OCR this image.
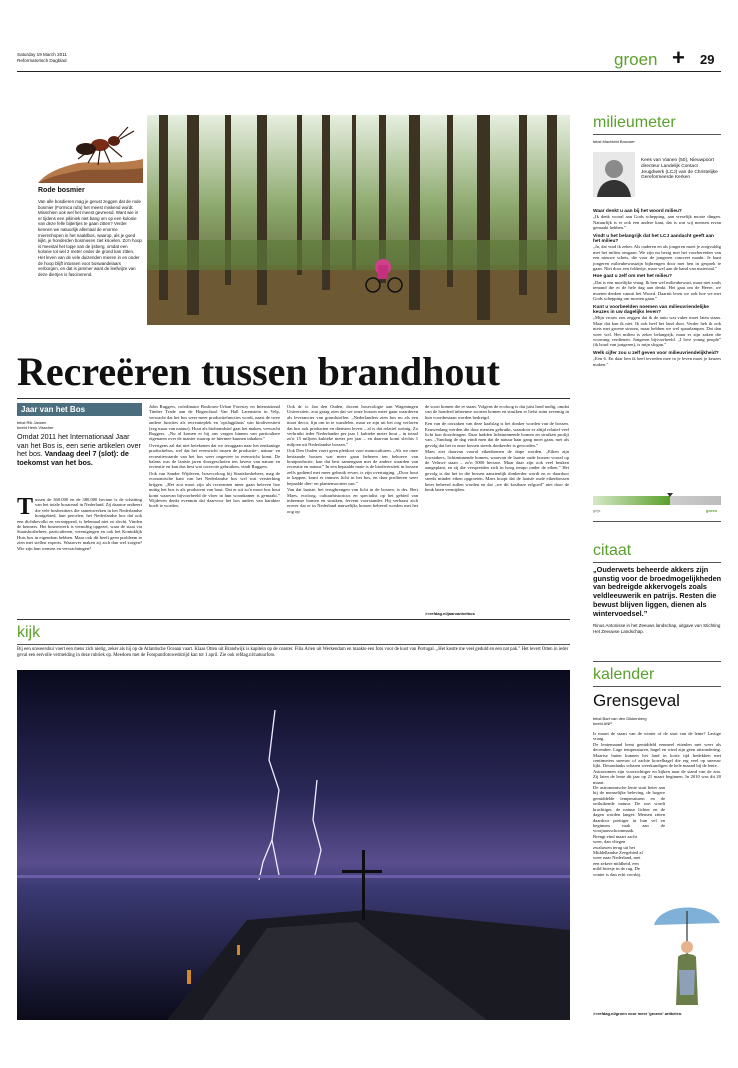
Saturday 19 March 2011
Reformatorisch Dagblad	groen + 29
Rode bosmier
Van alle bosdieren mag je gerust zeggen dat de rode bosmier (Formica rufa) het meest miskend wordt. Misschien ook wel het meest gevreesd. Want wie is er tijdens een pikiniek niet bang om op een kolonie van deze felle bijtertjes te gaan zitten? Verder kennen we natuurlijk allemaal de enorme mierenhopen in het naaldbos, waarop, als je goed kijkt, je honderden bosmieren ziet krioelen. Zo'n hoop is meestal het topje van de ijsberg, omdat een kolonie tot wel 2 meter onder de grond kan zitten. Het leven van de vele duizenden mieren in en onder de hoop blijft intussen voor boswandelaars verborgen, en dat is jammer want de leefwijze van deze diertjes is fascinerend.
Recreëren tussen brandhout
Jaar van het Bos
tekst Rik Jansen
beeld Henk Visscher
Omdat 2011 het Internationaal Jaar van het Bos is, een serie artikelen over het bos. Vandaag deel 7 (slot): de toekomst van het bos.
T ussen de 360.000 en de 380.000 hectare is de schatting van het totale bosareaal in Nederland. Zij daartoe ontbeert die vele bosbezitters die samenwerken in het Nederlandse houtgebied, hun percelen, het Nederlandse bos dat ook een dichtbevolkt en versnipperd, is helemaal niet zo slecht. Vinden de kenners. Het bosnetwerk is vernuftig opgezet, waar de staat via Staatsbosbeheer, particulieren, verenigingen en ook het Koninklijk Huis bos in eigendom hebben. Maar ook dit heeft geen probleem te zien met stellen experts. Waarover maken zij zich dan wel zorgen? Wie zijn hun wensen en verwachtingen?

John Ruggers, coördinator Bosbouw-Urban Forestry en International Timber Trade aan de Hogeschool Van Hall Larenstein in Velp, verwacht dat het bos weer meer productiefuncties wordt, naast de twee andere functies als recreatieplek en 'opslagplaats' van biodiversiteit (zeg maar van natuur). Hout als biobrandstof gaat het maken, verwacht Ruggers. „Nu al komen er bij ons vragen binnen van particuliere eigenaren over de manier waarop ze hiermee kunnen inhaken.”

Overigens zal dat niet betekenen dat we teruggaan naar het eenkantige productiebos, wel dat het evenwicht tussen de productie-, natuur- en recreatiewaarde van het bos weer ongeveer in evenwicht komt. De balans was de laatste jaren doorgeschoten ten faveur van natuur en recreatie en kan dus best wat correctie gebruiken, vindt Ruggers.

Ook van Sander Wijdeven, boseccoloog bij Staatsbosbeheer, mag de economische kant van het Nederlandse bos wel wat versterking krijgen. „Het zou mooi zijn als recreanten meer gaan beleven hoe nuttig het bos is als producent van hout. Dat er uit zo'n mooi bos hout komt waarvan bijvoorbeeld de vloer in hun woonkamer is gemaakt.” Wijdeven denkt evenmin dat daarvoor het bos anders van karakter hoeft te worden.

Ook dr. ir. Jan den Ouden, docent bosecologie aan Wageningen Universiteit, zou graag zien dat we onze bossen meer gaan waarderen als leverancier van grondstoffen. „Nederlanders zien bos nu als een mooi decor, fijn om in te wandelen, maar ze zijn uit het oog verloren dat bos ook producten en diensten levert – al is dat relatief weinig. Zo verbruikt ieder Nederlander per jaar 1 kubieke meter hout – in totaal zo'n 15 miljoen kubieke meter per jaar – en daarvan komt slechts 1 miljoen uit Nederlandse bossen.”

Ook Den Ouden voert geen pleidooi voor monoculturen. „Als we onze bestaande bossen wat meer gaan beheren ten behoeve van houtproductie, kan dat best samengaan met de andere waarden van recreatie en natuur.” In een bepaalde mate is de biodiversiteit in bossen zelfs gediend met meer gebruik ervan, is zijn overtuiging. „Door hout te kappen, komt er immers licht in het bos, en daar profiteren weer bepaalde dier- en plantensoorten van.”

Van dat laatste, het terugbrengen van licht in de bossen, is drs. Bert Maes, ecoloog, cultuurhistoricus en specialist op het gebied van inheemse bomen en struiken, fervent voorstander. Hij verbaast zich erover dat er in Nederland nauwelijks bossen beheerd worden met het oog op

de soort bomen die er staan. Volgens de ecoloog is dat juist hard nodig, omdat van de honderd inheemse soorten bomen en struiken er liefst ruim zeventig in hun voortbestaan worden bedreigd.

Een van de oorzaken van deze kaalslag is het donker worden van de bossen. Eeuwenlang werden die door mensen gebruikt, waardoor er altijd relatief veel licht kon doordringen. Daar hadden lichtminnende bomen en struiken profijt van. „Vandaag de dag vindt men dat de natuur haar gang moet gaan, met als gevolg dat het in onze bossen steeds donkerder is geworden.”

Maes ziet daarvan vooral eikenbomen de dupe worden. „Eiken zijn lowstakers, lichtminnende bomen, waarvan de laatste oude bossen vooral op de Veluwe staan – zo'n 5000 hectare. Maar daar zijn ook veel beuken aangeplant, en zij die verspreiden zich in hoog tempo onder de eiken.” Het gevolg is dat het in die bossen aanzienlijk donkerder wordt en er daardoor steeds minder eiken opgroeien. Maes koopt dat de laatste oude eikenbossen beter beheerd zullen worden en dat „we dit kostbare erfgoed” niet door de beuk laten vermijden.

>>refdag.nl/jaarvanhetbos
milieumeter
tekst Machteld Brouwer
Kees van Vianen (50), Nieuwpoort directeur Landelijk Contact Jeugdwerk (LCJ) van de Christelijke Gereformeerde Kerken
Waar denkt u aan bij het woord milieu?
„Ik denk vooral aan Gods schepping, aan vreselijk mooie dingen. Natuurlijk is er ook een andere kant, dat is wat wij mensen ervan gemaakt hebben.”
Vindt u het belangrijk dat het LCJ aandacht geeft aan het milieu?
„Ja, dat vind ik zeker. Als ouderen en als jongeren moet je zorgvuldig met het milieu omgaan. We zijn nu bezig met het voorbereiden van een nieuwe schets, die voor de jongeren concreet maakt. Je kunt jongeren milieubewustzijn bijbrengen door met hen in gesprek te gaan. Niet door een foldertje, maar wel aan de hand van materiaal.”
Hoe gaat u zelf om met het milieu?
„Dat is een moeilijke vraag. Ik ben wel milieubewust, maar niet zoals iemand die er de hele dag aan denkt. Het gaat om de Heere, we moeten denken vanuit het Woord. Daarnit leren we ook hoe we met Gods schepping om moeten gaan.”
Kunt u voorbeelden noemen van milieuvriendelijke keuzes in uw dagelijks leven?
„Mijn vrouw zou zeggen dat ik de auto wat vaker moet laten staan. Maar dat kan ik niet. Ik ook heel het land door. Verder heb ik ook niets met groene stroom, maar hebben we wel spaarlampen. Dat dan weer wel. Het milieu is zeker belangrijk, maar er zijn zaken die voorrang verdienen. Jongeren bijvoorbeeld. „I love young people” (ik houd van jongeren), is mijn slogan.”
Welk cijfer zou u zelf geven voor milieuvriendelijkheid?
„Een 6. En daar ben ik heel tevreden mee in je leven moet je keuzes maken.”
grijs	groen
citaat
„Ouderwets beheerde akkers zijn gunstig voor de broedmogelijkheden van bedreigde akkervogels zoals veldleeuwerik en patrijs. Resten die bewust blijven liggen, dienen als wintervoedsel.”
Rinus Antonisse in het Zeeuws landschap, uitgave van Stichting Het Zeeuwse Landschap.
kijk
Bij een onweersbui voert een mens zich nietig, zeker als hij op de Atlantische Oceaan vaart. Klaas Otten uit Brandwijk is kapitein op de coaster. Filia Arien uit Werkendam en maakte een foto voor de kust van Portugal. „Het kostte me veel geduld en een nat pak.” Het levert Otten in ieder geval een eervolle vermelding in deze rubriek op. Meedoen met de Fotopuntfotowedstrijd kan tot 1 april. Zie ook refdag.nl/natuurfoto.
kalender
Grensgeval
tekst Bart van den Dikkenberg
beeld ANP
Is maart de staart van de winter of de start van de lente? Lastige vraag.
De lentemaand leent gemiddeld eenmeel ettenlen met weer als december. Lage temperaturen, hagel en wind zijn geen uitzondering. Maartse buien kunnen het land in korte tijd bedekken met centimeters sneeuw of zachte korrelhagel die erg veel op sneeuw lijkt. Desondanks scharen weerkundigen de hele maand bij de lente.
Astronomen zijn voorzichtiger en kijken naar de stand van de zon. Zij laten de lente dit jaar op 21 maart beginnen. In 2010 was dit 20 maart.
De astronomische lente stuit beter aan bij de menselijke beleving, de hogere gemiddelde temperaturen en de ontluikende natuur. De zon wordt krachtiger, de natuur lichter en de dagen worden langer. Mensen zitten daardoor prettiger in hun vel en beginnen vaak aan de voorjaarsschoonmaak.
Brengt eind maart zacht weer, dan vliegen zwaluwen terug uit het Middellandse Zeegebied al weer naar Nederland, met een zekere mildheid, een mild briesje in de rug. De winter is dan echt voorbij.
>>refdag.nl/groen voor meer 'groene' artikelen.
